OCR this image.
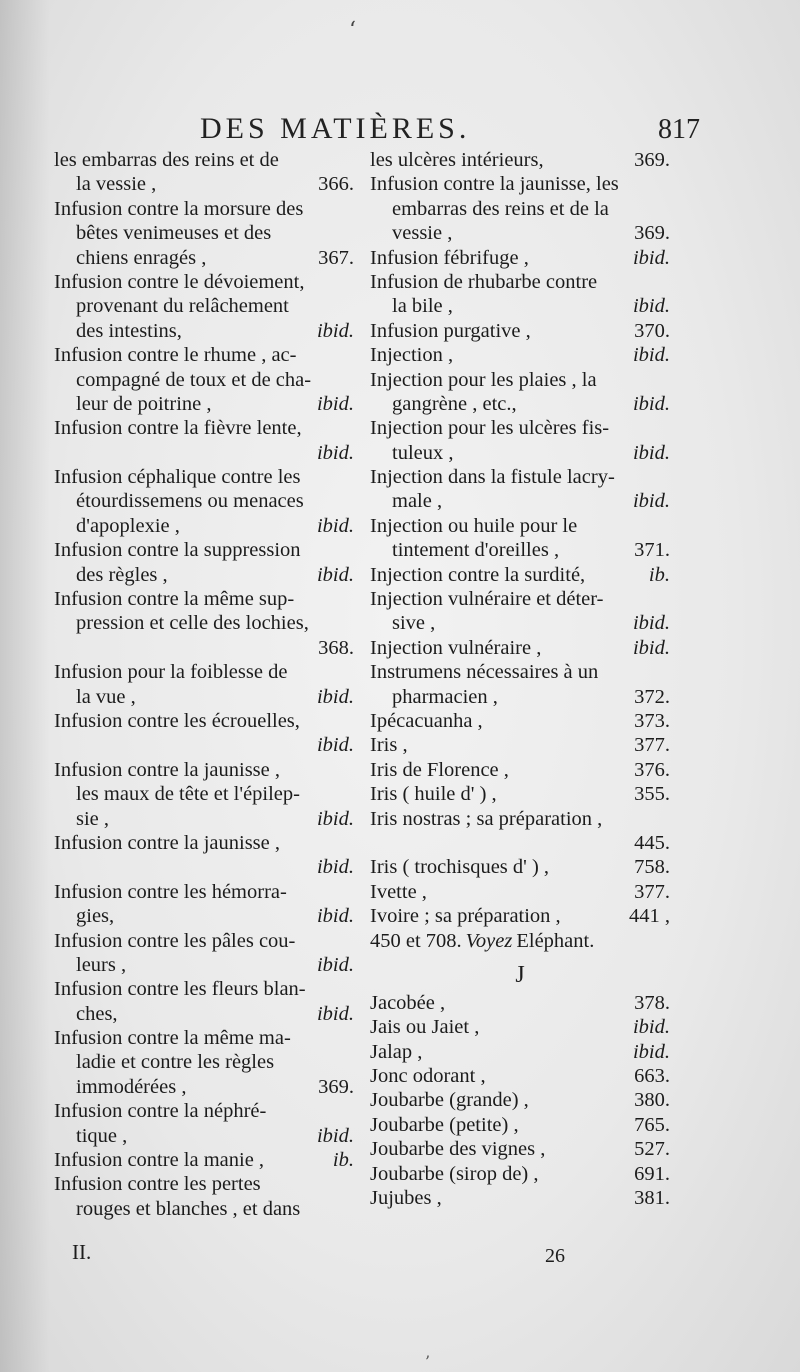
‘
DES MATIÈRES.	817
les embarras des reins et de
la vessie ,	366.
Infusion contre la morsure des
bêtes venimeuses et des
chiens enragés ,	367.
Infusion contre le dévoiement,
provenant du relâchement
des intestins,	ibid.
Infusion contre le rhume , ac-
compagné de toux et de cha-
leur de poitrine ,	ibid.
Infusion contre la fièvre lente,
ibid.
Infusion céphalique contre les
étourdissemens ou menaces
d'apoplexie ,	ibid.
Infusion contre la suppression
des règles ,	ibid.
Infusion contre la même sup-
pression et celle des lochies,
368.
Infusion pour la foiblesse de
la vue ,	ibid.
Infusion contre les écrouelles,
ibid.
Infusion contre la jaunisse ,
les maux de tête et l'épilep-
sie ,	ibid.
Infusion contre la jaunisse ,
ibid.
Infusion contre les hémorra-
gies,	ibid.
Infusion contre les pâles cou-
leurs ,	ibid.
Infusion contre les fleurs blan-
ches,	ibid.
Infusion contre la même ma-
ladie et contre les règles
immodérées ,	369.
Infusion contre la néphré-
tique ,	ibid.
Infusion contre la manie ,	ib.
Infusion contre les pertes
rouges et blanches , et dans
les ulcères intérieurs,	369.
Infusion contre la jaunisse, les
embarras des reins et de la
vessie ,	369.
Infusion fébrifuge ,	ibid.
Infusion de rhubarbe contre
la bile ,	ibid.
Infusion purgative ,	370.
Injection ,	ibid.
Injection pour les plaies , la
gangrène , etc.,	ibid.
Injection pour les ulcères fis-
tuleux ,	ibid.
Injection dans la fistule lacry-
male ,	ibid.
Injection ou huile pour le
tintement d'oreilles ,	371.
Injection contre la surdité,	ib.
Injection vulnéraire et déter-
sive ,	ibid.
Injection vulnéraire ,	ibid.
Instrumens nécessaires à un
pharmacien ,	372.
Ipécacuanha ,	373.
Iris ,	377.
Iris de Florence ,	376.
Iris ( huile d' ) ,	355.
Iris nostras ; sa préparation ,
445.
Iris ( trochisques d' ) ,	758.
Ivette ,	377.
Ivoire ; sa préparation ,	441 ,
450 et 708. Voyez Eléphant.
J
Jacobée ,	378.
Jais ou Jaiet ,	ibid.
Jalap ,	ibid.
Jonc odorant ,	663.
Joubarbe (grande) ,	380.
Joubarbe (petite) ,	765.
Joubarbe des vignes ,	527.
Joubarbe (sirop de) ,	691.
Jujubes ,	381.
II.	26
’
